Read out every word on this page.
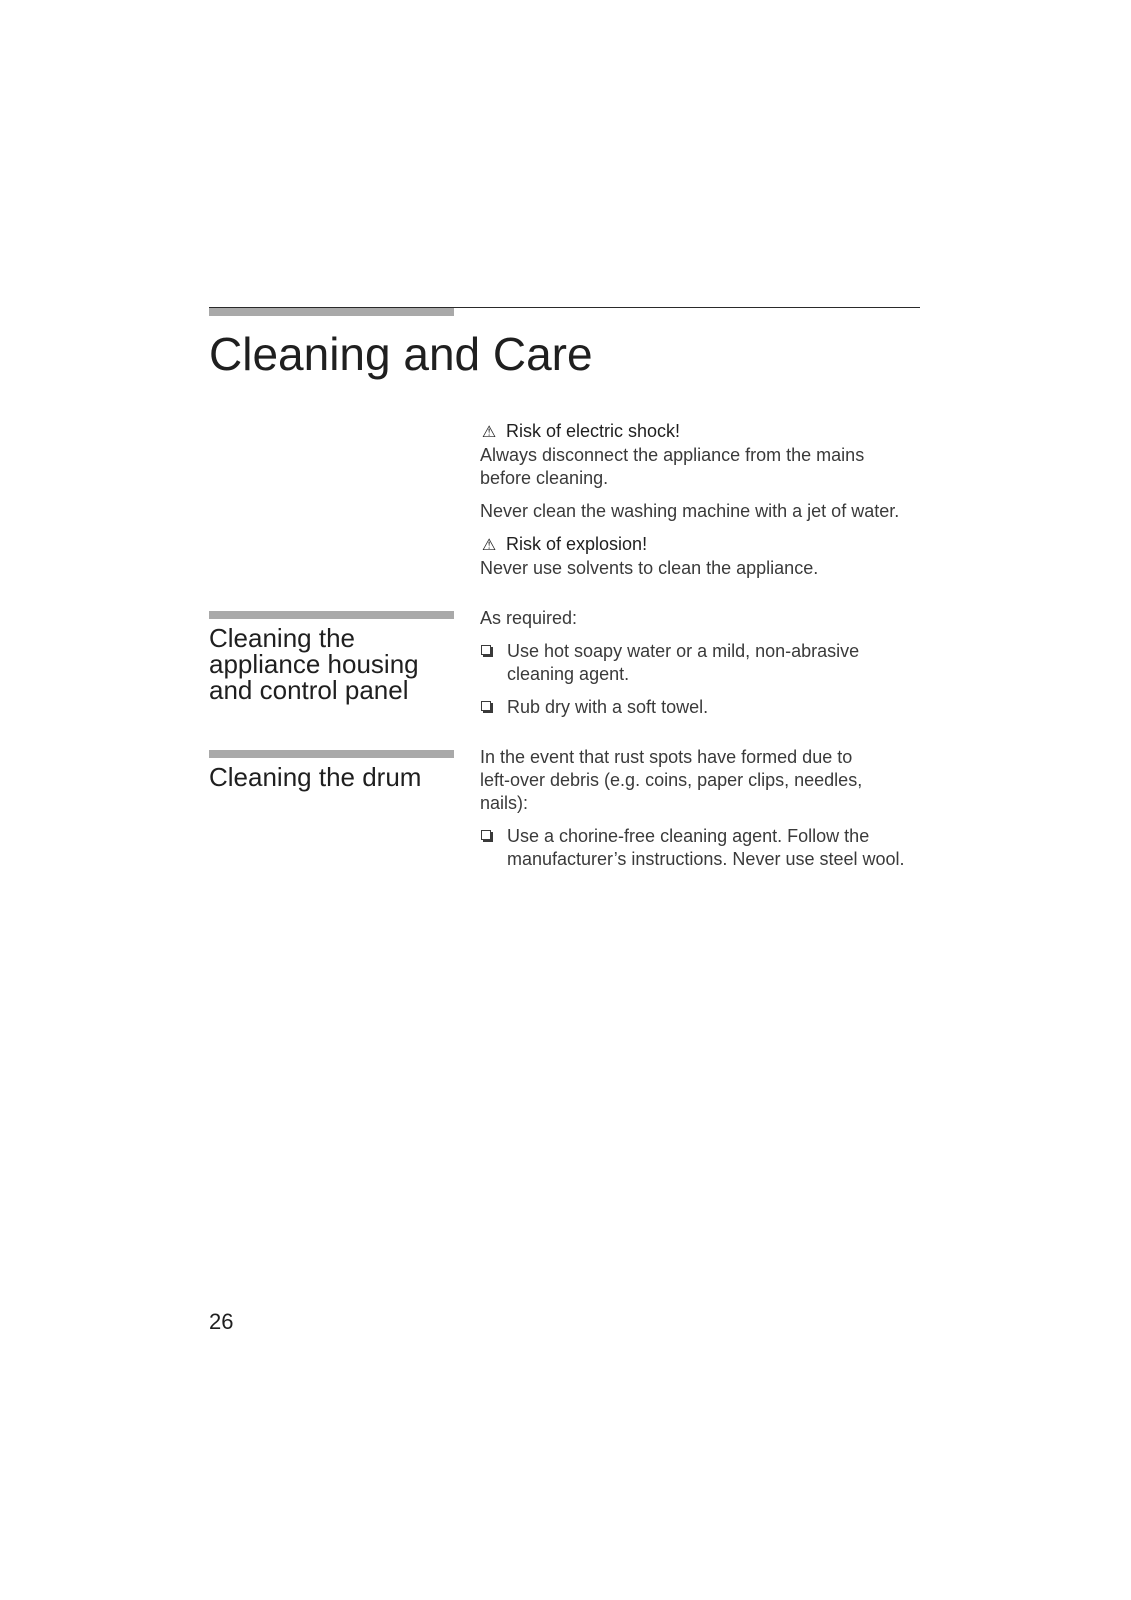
Cleaning and Care
⚠ Risk of electric shock!
Always disconnect the appliance from the mains
before cleaning.
Never clean the washing machine with a jet of water.
⚠ Risk of explosion!
Never use solvents to clean the appliance.
Cleaning the
appliance housing
and control panel
As required:
Use hot soapy water or a mild, non-abrasive
cleaning agent.
Rub dry with a soft towel.
Cleaning the drum
In the event that rust spots have formed due to
left-over debris (e.g. coins, paper clips, needles,
nails):
Use a chorine-free cleaning agent. Follow the
manufacturer’s instructions. Never use steel wool.
26
